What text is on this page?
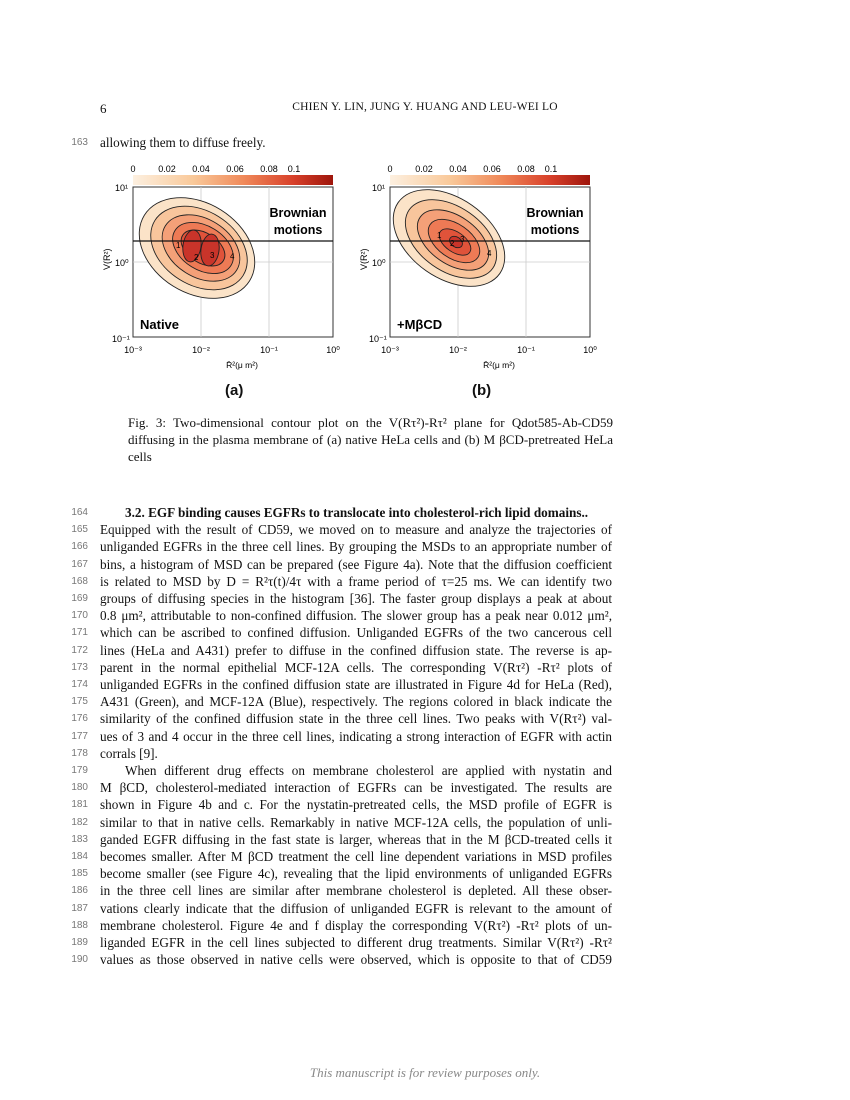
6	CHIEN Y. LIN, JUNG Y. HUANG AND LEU-WEI LO
163 allowing them to diffuse freely.
0	0.02 0.04 0.06 0.08 0.1
1
2 3 4
Brownian
motions
Native
10¹
10⁰
10⁻¹
V(R²)
10⁻³	10⁻²	10⁻¹	10⁰
R̄²(μ m²)
0	0.02 0.04 0.06 0.08 0.1
1
2 3
4
Brownian
motions
+MβCD
10¹
10⁰
10⁻¹
V(R²)
10⁻³	10⁻²	10⁻¹	10⁰
R̄²(μ m²)
(a)	(b)
Fig. 3: Two-dimensional contour plot on the V(Rτ²)-Rτ² plane for Qdot585-Ab-CD59 diffusing in the plasma membrane of (a) native HeLa cells and (b) M βCD-pretreated HeLa cells
164	3.2. EGF binding causes EGFRs to translocate into cholesterol-rich lipid domains..
165 Equipped with the result of CD59, we moved on to measure and analyze the trajectories of
166 unliganded EGFRs in the three cell lines. By grouping the MSDs to an appropriate number of
167 bins, a histogram of MSD can be prepared (see Figure 4a). Note that the diffusion coefficient
168 is related to MSD by D = R²τ(t)/4τ with a frame period of τ=25 ms. We can identify two
169 groups of diffusing species in the histogram [36]. The faster group displays a peak at about
170 0.8 μm², attributable to non-confined diffusion. The slower group has a peak near 0.012 μm²,
171 which can be ascribed to confined diffusion. Unliganded EGFRs of the two cancerous cell
172 lines (HeLa and A431) prefer to diffuse in the confined diffusion state. The reverse is ap-
173 parent in the normal epithelial MCF-12A cells. The corresponding V(Rτ²) -Rτ² plots of
174 unliganded EGFRs in the confined diffusion state are illustrated in Figure 4d for HeLa (Red),
175 A431 (Green), and MCF-12A (Blue), respectively. The regions colored in black indicate the
176 similarity of the confined diffusion state in the three cell lines. Two peaks with V(Rτ²) val-
177 ues of 3 and 4 occur in the three cell lines, indicating a strong interaction of EGFR with actin
178 corrals [9].
179	When different drug effects on membrane cholesterol are applied with nystatin and
180 M βCD, cholesterol-mediated interaction of EGFRs can be investigated. The results are
181 shown in Figure 4b and c. For the nystatin-pretreated cells, the MSD profile of EGFR is
182 similar to that in native cells. Remarkably in native MCF-12A cells, the population of unli-
183 ganded EGFR diffusing in the fast state is larger, whereas that in the M βCD-treated cells it
184 becomes smaller. After M βCD treatment the cell line dependent variations in MSD profiles
185 become smaller (see Figure 4c), revealing that the lipid environments of unliganded EGFRs
186 in the three cell lines are similar after membrane cholesterol is depleted. All these obser-
187 vations clearly indicate that the diffusion of unliganded EGFR is relevant to the amount of
188 membrane cholesterol. Figure 4e and f display the corresponding V(Rτ²) -Rτ² plots of un-
189 liganded EGFR in the cell lines subjected to different drug treatments. Similar V(Rτ²) -Rτ²
190 values as those observed in native cells were observed, which is opposite to that of CD59
This manuscript is for review purposes only.
